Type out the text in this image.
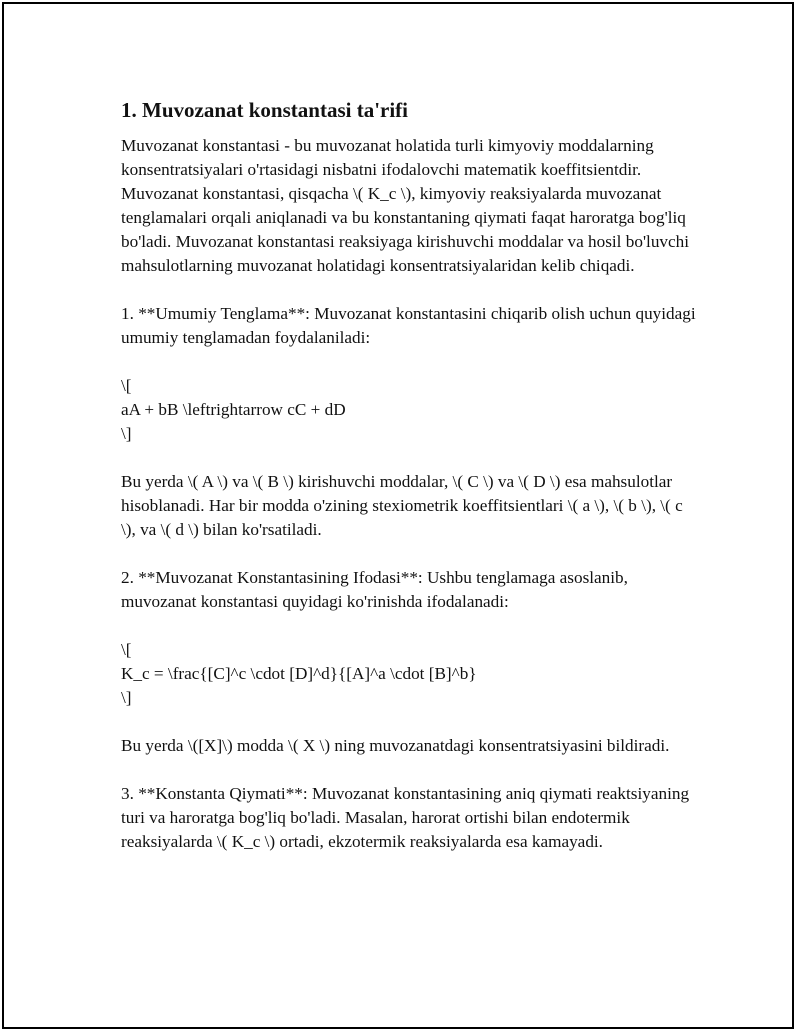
1. Muvozanat konstantasi ta'rifi

Muvozanat konstantasi - bu muvozanat holatida turli kimyoviy moddalarning konsentratsiyalari o'rtasidagi nisbatni ifodalovchi matematik koeffitsientdir. Muvozanat konstantasi, qisqacha \( K_c \), kimyoviy reaksiyalarda muvozanat tenglamalari orqali aniqlanadi va bu konstantaning qiymati faqat haroratga bog'liq bo'ladi. Muvozanat konstantasi reaksiyaga kirishuvchi moddalar va hosil bo'luvchi mahsulotlarning muvozanat holatidagi konsentratsiyalaridan kelib chiqadi.

1. **Umumiy Tenglama**: Muvozanat konstantasini chiqarib olish uchun quyidagi umumiy tenglamadan foydalaniladi:

\[
aA + bB \leftrightarrow cC + dD
\]

Bu yerda \( A \) va \( B \) kirishuvchi moddalar, \( C \) va \( D \) esa mahsulotlar hisoblanadi. Har bir modda o'zining stexiometrik koeffitsientlari \( a \), \( b \), \( c \), va \( d \) bilan ko'rsatiladi.

2. **Muvozanat Konstantasining Ifodasi**: Ushbu tenglamaga asoslanib, muvozanat konstantasi quyidagi ko'rinishda ifodalanadi:

\[
K_c = \frac{[C]^c \cdot [D]^d}{[A]^a \cdot [B]^b}
\]

Bu yerda \([X]\) modda \( X \) ning muvozanatdagi konsentratsiyasini bildiradi.

3. **Konstanta Qiymati**: Muvozanat konstantasining aniq qiymati reaktsiyaning turi va haroratga bog'liq bo'ladi. Masalan, harorat ortishi bilan endotermik reaksiyalarda \( K_c \) ortadi, ekzotermik reaksiyalarda esa kamayadi.
